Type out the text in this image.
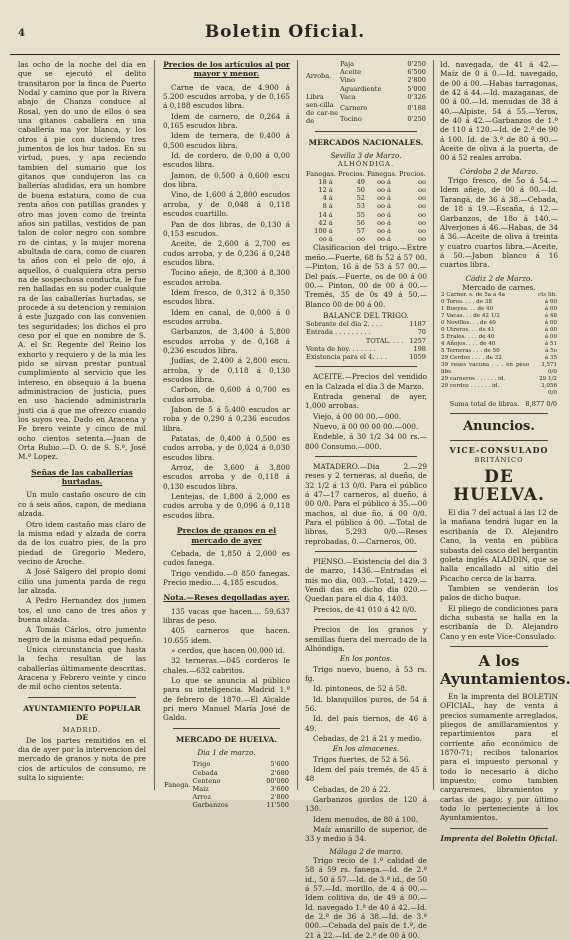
4	Boletin Oficial.

las ocho de la noche del dia en que se ejecutó el delito transitaron por la finca de Puerto Nodal y camino que por la Rivera abajo de Chanza conduce al Rosal, yen do uno de ellos ó sea una gitanos caballera en una caballería ma yor blanca, y los otros á pie con duciendo tres jumentos de los hur tados. En su virtud, pues, y apa reciendo tambien del sumario que los gitanos que condujeron las ca ballerías aludidas, era un hombre de buena estatura, como de cua renta años con patillas grandes y otro mas joven como de treinta años sin patillas, vestidos de pan talon de color negro con sombre ro de cintas, y la mujer morena abultada de cara, como de cuaren ta años con el pelo de ojo, á aquellos, ó cualquiera otra perso na de sospechosa conducta, le fue ren halladas en su poder cualquie ra de las caballerías hurtadas, se procede á su detencion y remision á este Juzgado con las convenien tes seguridades; los dichos el pro ceso por el que en nombre de S. A. el Sr. Regente del Reino los exhorto y requiero y de la mia les pido se sirvan prestar puntual cumplimiento al servicio que les intereso, en obsequio á la buena administracion de justicia, pues en uso haciendo administrarla justi cia á que me ofrezco cuando los suyos vea. Dado en Aracena y Fe brero veinte y cinco de mil ocho cientos setenta.—Juan de Orta Rubio.—D. O. de S. S.ª, José M.ª Lopez.

Señas de las caballerías hurtadas.

Un mulo castaño oscuro de cin co á seis años, capon, de mediana alzada.

Otro idem castaño mas claro de la misma edad y alzada de corra da de los cuatro pies, de la pro piedad de Gregorio Medero, vecino de Aroche.

A José Salgero del propio domi cilio una jumenta parda de regu lar alzada.

A Pedro Hernandez dos jumen tos, el uno cano de tres años y buena alzada.

A Tomás Cárlos, otro jumento negro de la misma edad pequeño.

Unica circunstancia que hasta la fecha resultan de las caballerías últimamente descritas. Aracena y Febrero veinte y cinco de mil ocho cientos setenta.

AYUNTAMIENTO POPULAR DE
MADRID.

De los partes remitidos en el dia de ayer por la intervencion del mercado de granos y nota de pre cios de artículos de consumo, re sulta lo siguiente:

Precios de los artículos al por mayor y menor.

Carne de vaca, de 4.900 á 5.200 escudos arroba, y de 0,165 á 0,188 escudos libra.

Idem de carnero, de 0,264 á 0,165 escudos libra.

Idem de ternera, de 0,400 á 0,500 escudos libra.

Id. de cordero, de 0,00 á 0,00 escudos libra.

Jamon, de 0,500 á 0,600 escu dos libra.

Vino, de 1,600 á 2,800 escudos arroba, y de 0,048 á 0,118 escudos cuartillo.

Pan de dos libras, de 0,130 á 0,153 escudos.

Aceite, de 2,600 á 2,700 es cudos arroba, y de 0,236 á 0,248 escudos libra.

Tocino añejo, de 8,300 á 8,300 escudos arroba.

Idem fresco, de 0,312 á 0,350 escudos libra.

Idem en canal, de 0,000 á 0 escudos arroba.

Garbanzos, de 3,400 á 5,800 escudos arroba y de 0,168 á 0,236 escudos libra.

Judías, de 2,400 á 2,800 escu. arroba, y de 0,118 á 0,130 escudos libra.

Carbon, de 0,600 á 0,700 es cudos arroba.

Jabon de 5 á 5,400 escudos ar roba y de 0,290 á 0,236 escudos libra.

Patatas, de 0,400 á 0,500 es cudos arroba, y de 0,024 á 0,030 escudos libra.

Arroz, de 3,600 á 3,800 escudos arroba y de 0,118 á 0,130 escudos libra.

Lentejas, de 1,800 á 2,000 es cudos arroba y de 0,096 á 0,118 escudos libra.

Precios de granos en el mercado de ayer

Cebada, de 1,850 á 2,000 es cudos fanega.

Trigo vendido.—0 850 fanegas. Precio medio.... 4,185 escudos.

Nota.—Reses degolladas ayer.

135 vacas que hacen.... 59,637 libras de peso.

405 carneros que hacen. 10.655 idem.

» cerdos, que hacen 00,000 id.

32 terneras.—045 corderos le chales.—632 cabritos.

Lo que se anuncia al público para su inteligencia. Madrid 1.º de febrero de 1870.—El Alcalde pri mero Manuel María José de Galdo.

MERCADO DE HUELVA.
Dia 1 de marzo.
Fanega.	Trigo	5'600
	Cebada	2'680
	Centeno	00'000
	Maiz	3'600
	Arroz	2'800
	Garbanzos	11'500
Arroba.	Paja	0'250
	Aceite	6'500
	Vino	2'800
	Aguardiente	5'000
Libra sen-cilla de car-ne de	Vaca	0'326
	Carnero	0'188
	Tocino	0'250
MERCADOS NACIONALES.
Sevilla 3 de Marzo.
ALHÓNDIGA.
Fanegas.		Precios.	Fanegas.		Precios.
18	á	49	oo	á	oo
12	á	50	oo	á	oo
4	á	52	oo	á	oo
8	á	53	oo	á	oo
14	á	55	oo	á	oo
42	á	56	oo	á	oo
100	á	57	oo	á	oo
oo	á	oo	oo	á	oo

Clasificacion del trigo.—Extre meño.—Fuerte, 68 fs 52 á 57 00. —Pinton, 16 á de 53 á 57 00.—Del país.—Fuerte, os de 00 á 00 00.— Pinton, 00 de 00 á 00.—Tremés, 35 de 0s 49 á 50.—Blanco 00 de 00 á 00.

BALANCE DEL TRIGO.
Sobrante del dia 2. . . .	1187
Entrada . . . . . . . . .	70
TOTAL. . . .	1257
Venta de hoy. . . . . . .	198
Existencia para el 4. . . .	1059

ACEITE.—Precios del vendido en la Calzada el dia 3 de Marzo.

Entrada general de ayer, 1,000 arrobas.

Viejo, á 00 00 00.—000.

Nuevo, á 00 00 00 00.—000.

Endeble, á 30 1/2 34 00 rs.—800 Consumo.—000.

MATADERO.—Dia 2.—29 reses y 2 terneras, al dueño, de 32 1/2 á 13 0/0. Para el público á 47—17 carneros, al dueño, á 00 0/0. Para el público á 35.—00 machos, al due ño, á 00 0/0. Para el público á 00. —Total de libras, 5,293 0/0.—Reses reprobadas, 0.—Carneros, 00.

PIENSO.—Existencia del dia 3 de marzo, 1436.—Entradas el mis mo dia, 003.—Total, 1429.—Vendi das en dicho dia 020.—Quedan para el dia 4, 1403.

Precios, de 41 010 á 42 0/0.

Precios de los granos y semillas fuera del mercado de la Alhóndiga.

En los pontos.

Trigo nuevo, bueno, á 53 rs. fg.

Id. pintoneos, de 52 á 58.

Id. blanquillos puros, de 54 á 56.

Id. del país tiernos, de 46 á 49.

Cebadas, de 21 á 21 y medio.

En los almacenes.

Trigos fuertes, de 52 á 56.

Idem del país tremés, de 45 á 48

Cebadas, de 20 á 22.

Garbanzos gordos de 120 á 130.

Idem menudos, de 80 á 100.

Maíz amarillo de superior, de 33 y medio á 34.

Málaga 2 de marzo.

Trigo recio de 1.ª calidad de 58 á 59 rs. fanega.—Id. de 2.ª id., 50 á 57.—Id. de 3.ª id., de 50 á 57.—Id. morillo, de 4 á 00.—Idem colitiva do, de 49 á 00.—Id. navegado 1.ª de 40 á 42.—Id. de 2.ª de 36 á 38.—Id. de 3.ª 000.—Cebada del país de 1.ª, de 21 á 22.—Id. de 2.ª de 00 á 00.

Id. navegada, de 41 á 42.—Maíz de 0 á 0.—Id. navegado, de 00 á 00.—Habas tarragonas, de 42 á 44.—Id. mazaganas, de 00 á 00.—Id. menudas de 38 á 40.—Alpiste, 54 á 55.—Yeros, de 40 á 42.—Garbanzos de 1.ª de 110 á 120.—Id. de 2.ª de 90 á 100. Id. de 3.ª de 80 á 90.—Aceite de oliva á la puerta, de 00 á 52 reales arroba.

Córdoba 2 de Marzo.

Trigo fresco, de 5o á 54.—Idem añejo, de 00 á 00.—Id. Tarangá, de 36 á 38.—Cebada, de 18 á 19.—Escaña, á 12.—Garbanzos, de 18o á 140.—Alverjones á 46.—Habas, de 34 á 36.—Aceite de oliva á treinta y cuatro cuartos libra.—Aceite, á 50.—Jabon blanco á 16 cuartos libra.

Cádiz 2 de Marzo.
Mercado de carnes.
2 Carner. s. de 5a a 4a	cts lib.
0 Toros. . . . de 38	á 00
1 Bueyes. . . de 40	á 00
7 Vacas. . . de 42 1/2	á 48
0 Novillos. . . de 40	á 00
0 Utreros. . . de 41	á 00
5 Erales. . . . de 40	á 00
4 Añojos. . . . de 40	á 51
5 Terneras . . . de 50	á 5o
29 Cerdos . . . . de 32	á 35
39 reses vacuna . . . en peso libs.	3,571 0/0
29 carneros . . . . . . id.	29 1/2
29 cerdos . . . . . . id.	3,056 0/0
Suma total de libras.	8,877 0/0
Anuncios.
VICE-CONSULADO
BRITÁNICO
DE HUELVA.

El dia 7 del actual á las 12 de la mañana tendrá lugar en la escribanía de D. Alejandro Cano, la venta en pública subasta del casco del bergantin goleta inglés ALADDIN, que se halla encallado al sitio del Picacho cerca de la barra.

Tambien se venderán los palos de dicho buque.

El pliego de condiciones para dicha subasta se halla en la escribanía de D. Alejandro Cano y en este Vice-Consulado.

A los Ayuntamientos.

En la imprenta del BOLETIN OFICIAL, hay de venta á precios sumamente arreglados, pliegos de amillaramientos y repartimientos para el corriente año económico de 1870-71; recibos talonarios para el impuesto personal y todo lo necesario á dicho impuesto; como tambien cargaremes, libramientos y cartas de pago; y por último todo lo perteneciente á los Ayuntamientos.

Imprenta del Boletin Oficial.
